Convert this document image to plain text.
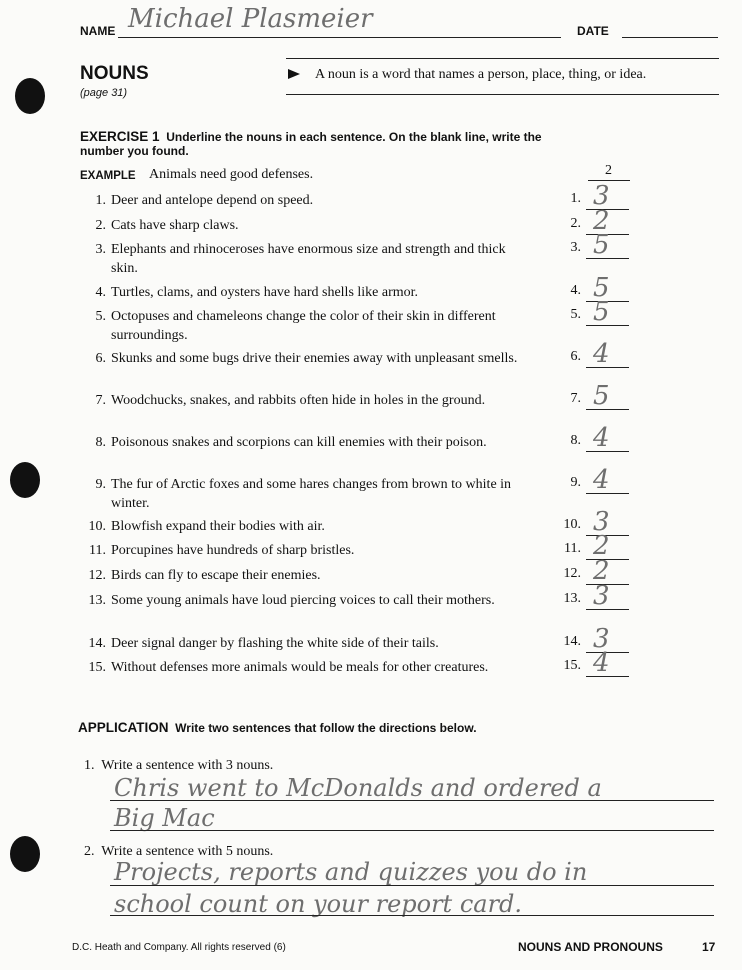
NAME Michael Plasmeier	DATE
NOUNS
(page 31)
A noun is a word that names a person, place, thing, or idea.
EXERCISE 1 Underline the nouns in each sentence. On the blank line, write the number you found.
EXAMPLE Animals need good defenses.	2
1. Deer and antelope depend on speed.	1. 3
2. Cats have sharp claws.	2. 2
3. Elephants and rhinoceroses have enormous size and strength and thick skin.
3. 5
4. Turtles, clams, and oysters have hard shells like armor.	4. 5
5. Octopuses and chameleons change the color of their skin in different surroundings.
5. 5
6. Skunks and some bugs drive their enemies away with unpleasant smells.	6. 4
7. Woodchucks, snakes, and rabbits often hide in holes in the ground.	7. 5
8. Poisonous snakes and scorpions can kill enemies with their poison.	8. 4
9. The fur of Arctic foxes and some hares changes from brown to white in winter.
9. 4
10. Blowfish expand their bodies with air.	10. 3
11. Porcupines have hundreds of sharp bristles.	11. 2
12. Birds can fly to escape their enemies.	12. 2
13. Some young animals have loud piercing voices to call their mothers.	13. 3
14. Deer signal danger by flashing the white side of their tails.	14. 3
15. Without defenses more animals would be meals for other creatures.	15. 4
APPLICATION Write two sentences that follow the directions below.
1. Write a sentence with 3 nouns.
Chris went to McDonalds and ordered a
Big Mac
2. Write a sentence with 5 nouns.
Projects, reports and quizzes you do in
school count on your report card.
D.C. Heath and Company. All rights reserved (6)	NOUNS AND PRONOUNS	17
